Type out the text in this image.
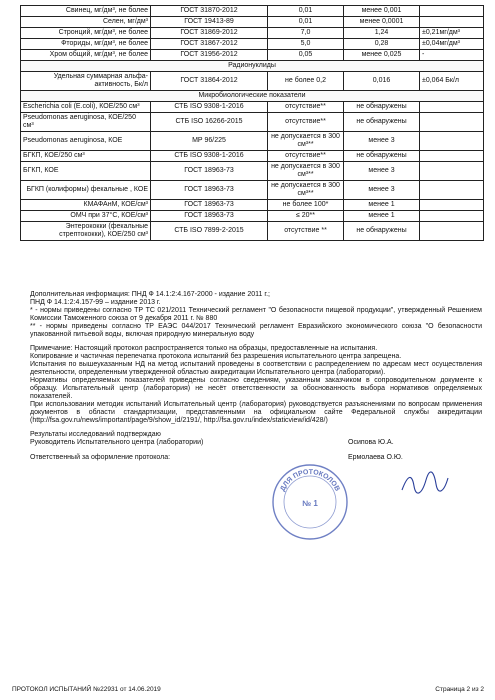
Свинец, мг/дм³, не более	ГОСТ 31870-2012	0,01	менее 0,001	
Селен, мг/дм³	ГОСТ 19413-89	0,01	менее 0,0001	
Стронций, мг/дм³, не более	ГОСТ 31869-2012	7,0	1,24	±0,21мг/дм³
Фториды, мг/дм³, не более	ГОСТ 31867-2012	5,0	0,28	±0,04мг/дм³
Хром общий, мг/дм³, не более	ГОСТ 31956-2012	0,05	менее 0,025	-
Радионуклиды				
Удельная суммарная альфа-активность, Бк/л	ГОСТ 31864-2012	не более 0,2	0,016	±0,064 Бк/л
Микробиологические показатели				
Escherichia coli (E.coli), КОЕ/250 см³	СТБ ISO 9308-1-2016	отсутствие**	не обнаружены	
Pseudomonas aeruginosa, КОЕ/250 см³	СТБ ISO 16266-2015	отсутствие**	не обнаружены	
Pseudomonas aeruginosa, КОЕ	МР 96/225	не допускается в 300 см³**	менее 3	
БГКП, КОЕ/250 см³	СТБ ISO 9308-1-2016	отсутствие**	не обнаружены	
БГКП, КОЕ	ГОСТ 18963-73	не допускается в 300 см³**	менее 3	
БГКП (колиформы) фекальные , КОЕ	ГОСТ 18963-73	не допускается в 300 см³**	менее 3	
КМАФАнМ, КОЕ/см³	ГОСТ 18963-73	не более 100*	менее 1	
ОМЧ при 37°С, КОЕ/см³	ГОСТ 18963-73	≤ 20**	менее 1	
Энтерококки (фекальные стрептококки), КОЕ/250 см³	СТБ ISO 7899-2-2015	отсутствие **	не обнаружены	

Дополнительная информация: ПНД Ф 14.1:2:4.167-2000 - издание 2011 г.;

ПНД Ф 14.1:2:4.157-99 – издание 2013 г.

* - нормы приведены согласно ТР ТС 021/2011 Технический регламент "О безопасности пищевой продукции", утвержденный Решением Комиссии Таможенного союза от 9 декабря 2011 г. № 880

** - нормы приведены согласно ТР ЕАЭС 044/2017 Технический регламент Евразийского экономического союза "О безопасности упакованной питьевой воды, включая природную минеральную воду

Примечание: Настоящий протокол распространяется только на образцы, предоставленные на испытания.

Копирование и частичная перепечатка протокола испытаний без разрешения испытательного центра запрещена.

Испытания по вышеуказанным НД на метод испытаний проведены в соответствии с распределением по адресам мест осуществления деятельности, определенным утвержденной областью аккредитации Испытательного центра (лаборатории).

Нормативы определяемых показателей приведены согласно сведениям, указанным заказчиком в сопроводительном документе к образцу. Испытательный центр (лаборатория) не несёт ответственности за обоснованность выбора нормативов определяемых показателей.

При использовании методик испытаний Испытательный центр (лаборатория) руководствуется разъяснениями по вопросам применения документов в области стандартизации, представленными на официальном сайте Федеральной службы аккредитации (http://fsa.gov.ru/news/important/page/9/show_id/2191/, http://fsa.gov.ru/index/staticview/id/428/)

Результаты исследований подтверждаю

Руководитель Испытательного центра (лаборатории)	Осипова Ю.А.
Ответственный за оформление протокола:	Ермолаева О.Ю.
ДЛЯ ПРОТОКОЛОВ
№ 1
ПРОТОКОЛ ИСПЫТАНИЙ №22931 от 14.06.2019	Страница 2 из 2
